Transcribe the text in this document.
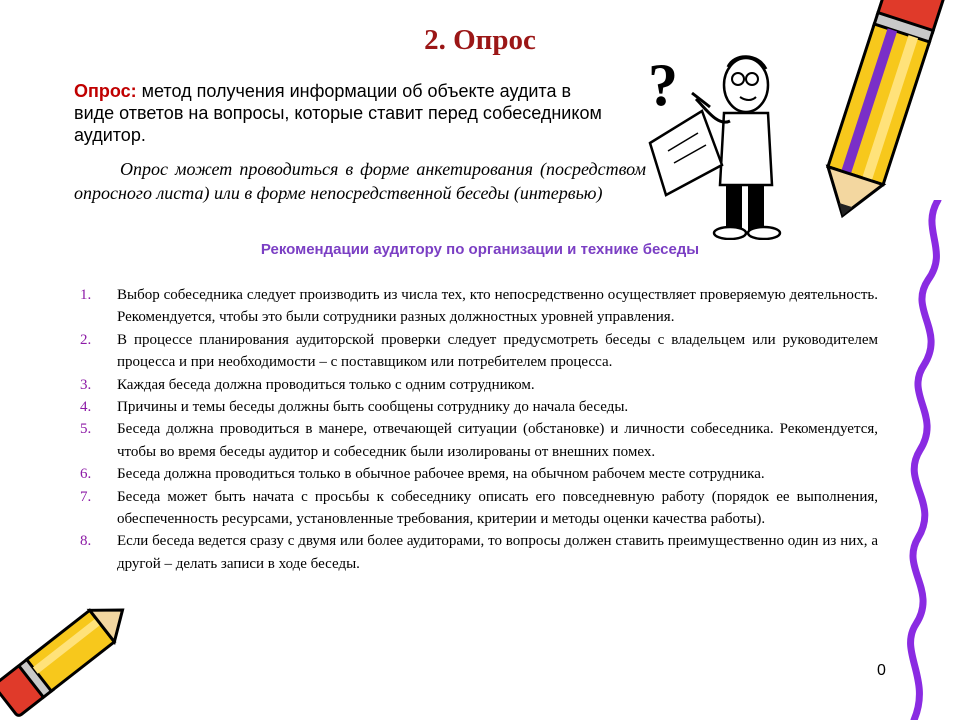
?
2. Опрос
Опрос: метод получения информации об объекте аудита в виде ответов на вопросы, которые ставит перед собеседником аудитор.
Опрос может проводиться в форме анкетирования (посредством опросного листа) или в форме непосредственной беседы (интервью)
Рекомендации аудитору по организации и технике беседы
1.	Выбор собеседника следует производить из числа тех, кто непосредственно осуществляет проверяемую деятельность. Рекомендуется, чтобы это были сотрудники разных должностных уровней управления.
2.	В процессе планирования аудиторской проверки следует предусмотреть беседы с владельцем или руководителем процесса и при необходимости – с поставщиком или потребителем процесса.
3.	Каждая беседа должна проводиться только с одним сотрудником.
4.	Причины и темы беседы должны быть сообщены сотруднику до начала беседы.
5.	Беседа должна проводиться в манере, отвечающей ситуации (обстановке) и личности собеседника. Рекомендуется, чтобы во время беседы аудитор и собеседник были изолированы от внешних помех.
6.	Беседа должна проводиться только в обычное рабочее время, на обычном рабочем месте сотрудника.
7.	Беседа может быть начата с просьбы к собеседнику описать его повседневную работу (порядок ее выполнения, обеспеченность ресурсами, установленные требования, критерии и методы оценки качества работы).
8.	Если беседа ведется сразу с двумя или более аудиторами, то вопросы должен ставить преимущественно один из них, а другой – делать записи в ходе беседы.
0
